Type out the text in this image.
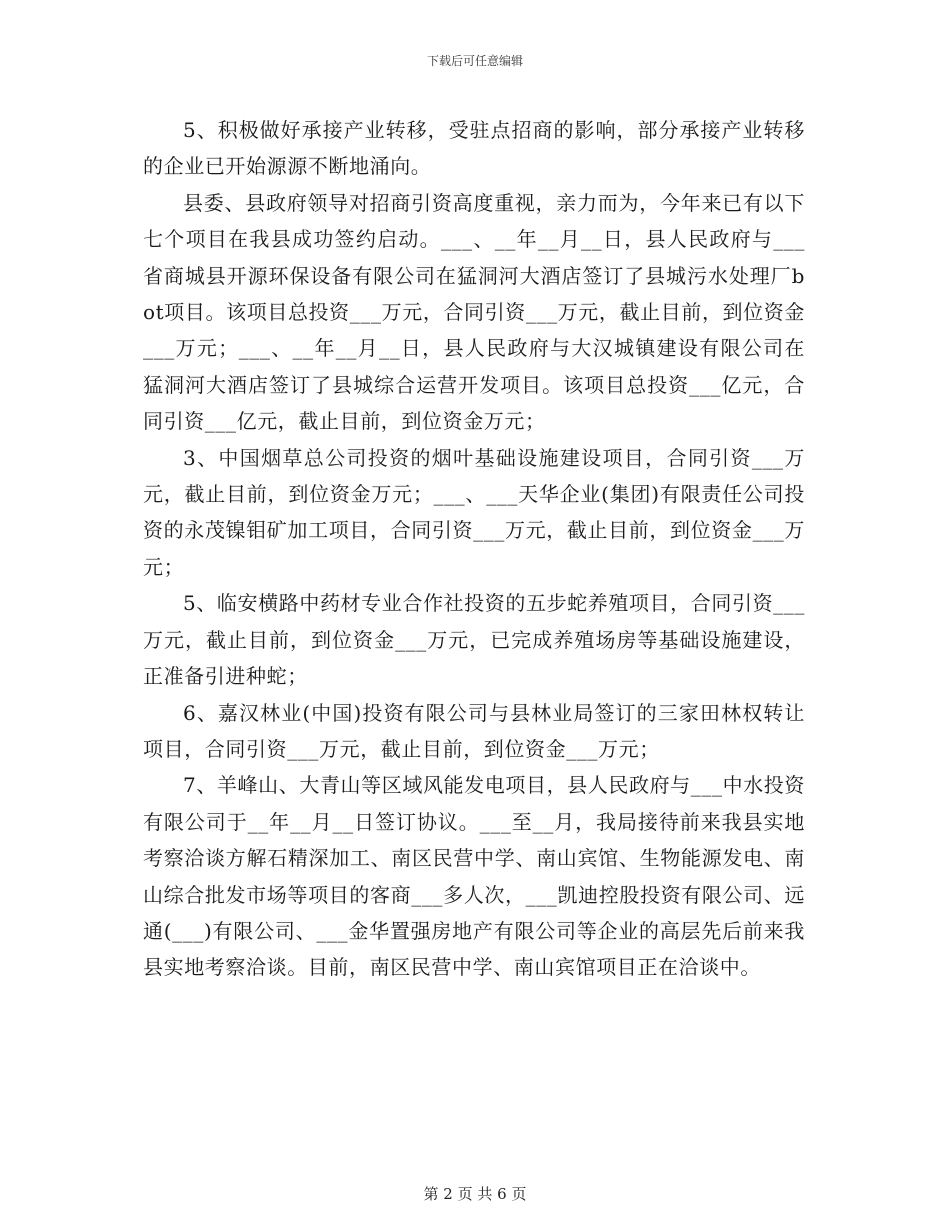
下载后可任意编辑

5、积极做好承接产业转移，受驻点招商的影响，部分承接产业转移的企业已开始源源不断地涌向。

县委、县政府领导对招商引资高度重视，亲力而为，今年来已有以下七个项目在我县成功签约启动。___、__年__月__日，县人民政府与___省商城县开源环保设备有限公司在猛洞河大酒店签订了县城污水处理厂bot项目。该项目总投资___万元，合同引资___万元，截止目前，到位资金___万元；___、__年__月__日，县人民政府与大汉城镇建设有限公司在猛洞河大酒店签订了县城综合运营开发项目。该项目总投资___亿元，合同引资___亿元，截止目前，到位资金万元；

3、中国烟草总公司投资的烟叶基础设施建设项目，合同引资___万元，截止目前，到位资金万元；___、___天华企业(集团)有限责任公司投资的永茂镍钼矿加工项目，合同引资___万元，截止目前，到位资金___万元；

5、临安横路中药材专业合作社投资的五步蛇养殖项目，合同引资___万元，截止目前，到位资金___万元，已完成养殖场房等基础设施建设，正准备引进种蛇；

6、嘉汉林业(中国)投资有限公司与县林业局签订的三家田林权转让项目，合同引资___万元，截止目前，到位资金___万元；

7、羊峰山、大青山等区域风能发电项目，县人民政府与___中水投资有限公司于__年__月__日签订协议。___至__月，我局接待前来我县实地考察洽谈方解石精深加工、南区民营中学、南山宾馆、生物能源发电、南山综合批发市场等项目的客商___多人次，___凯迪控股投资有限公司、远通(___)有限公司、___金华置强房地产有限公司等企业的高层先后前来我县实地考察洽谈。目前，南区民营中学、南山宾馆项目正在洽谈中。

第 2 页 共 6 页
